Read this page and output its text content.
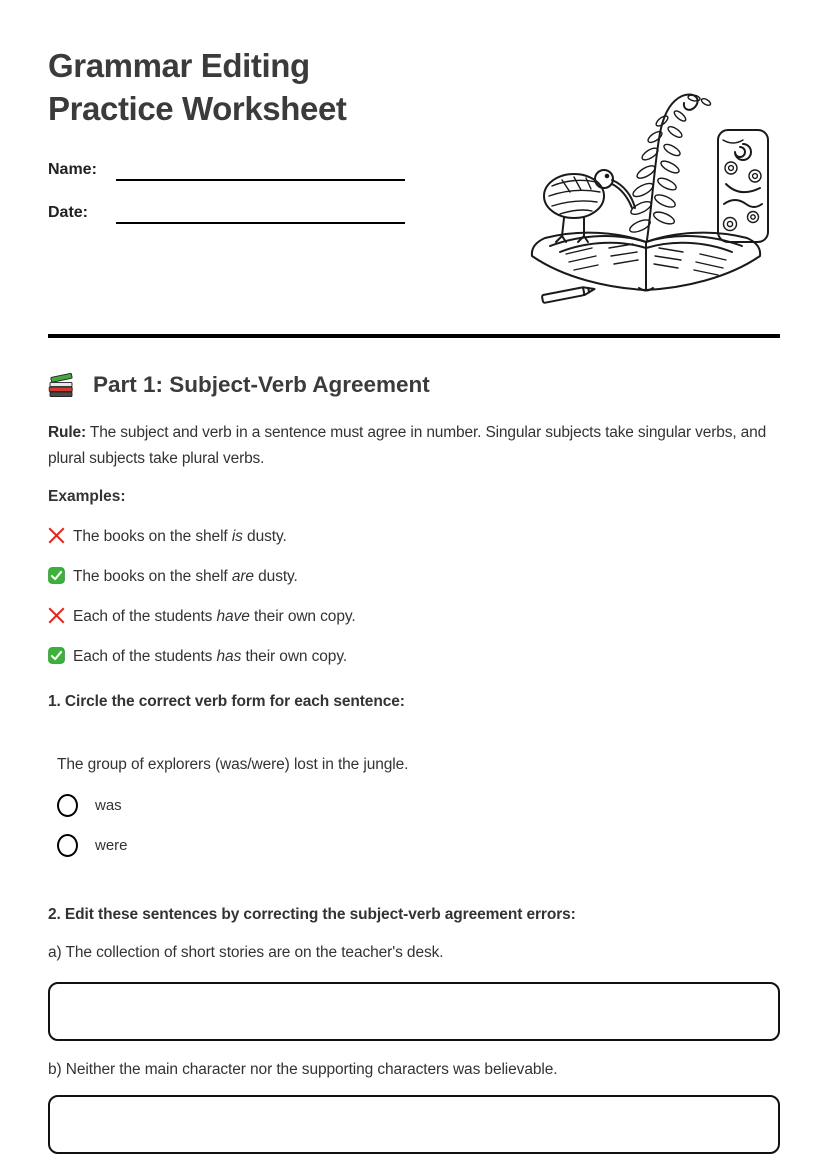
Grammar Editing
Practice Worksheet
Name:
Date:
Part 1: Subject-Verb Agreement

Rule: The subject and verb in a sentence must agree in number. Singular subjects take singular verbs, and plural subjects take plural verbs.

Examples:

The books on the shelf is dusty.
The books on the shelf are dusty.
Each of the students have their own copy.
Each of the students has their own copy.

1. Circle the correct verb form for each sentence:

The group of explorers (was/were) lost in the jungle.

was
were

2. Edit these sentences by correcting the subject-verb agreement errors:

a) The collection of short stories are on the teacher's desk.

b) Neither the main character nor the supporting characters was believable.
